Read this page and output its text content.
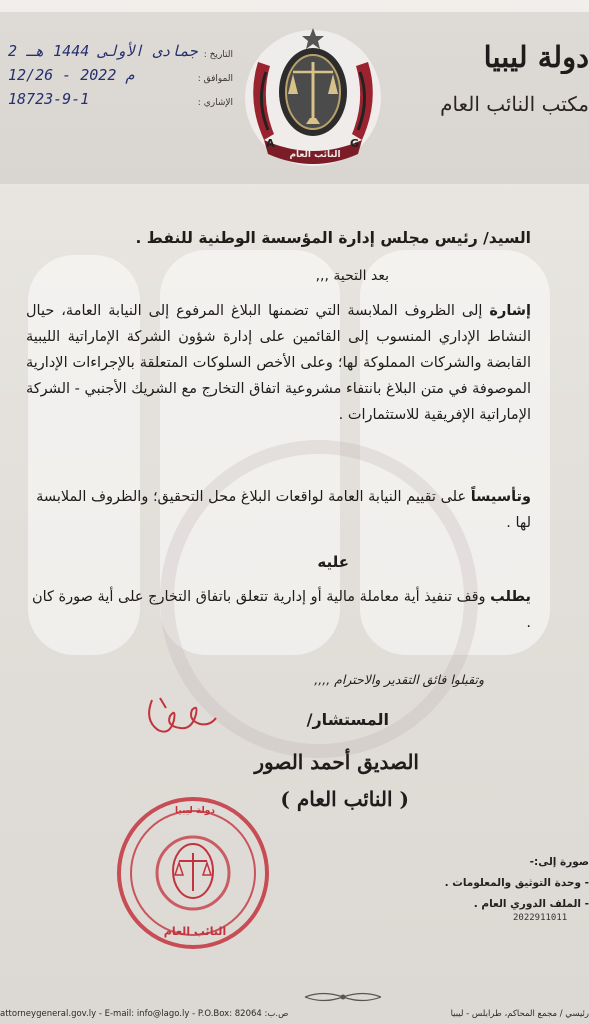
A	G
النائب العام
دولة ليبيا
مكتب النائب العام
التاريخ :
2 جمادى الأولى 1444 هـ
الموافق :
12/26 - 2022 م
الإشاري :
18723-9-1
السيد/ رئيس مجلس إدارة المؤسسة الوطنية للنفط .
بعد التحية ,,,
إشارة إلى الظروف الملابسة التي تضمنها البلاغ المرفوع إلى النيابة العامة، حيال النشاط الإداري المنسوب إلى القائمين على إدارة شؤون الشركة الإماراتية الليبية القابضة والشركات المملوكة لها؛ وعلى الأخص السلوكات المتعلقة بالإجراءات الإدارية الموصوفة في متن البلاغ بانتفاء مشروعية اتفاق التخارج مع الشريك الأجنبي - الشركة الإماراتية الإفريقية للاستثمارات .
وتأسيساً على تقييم النيابة العامة لواقعات البلاغ محل التحقيق؛ والظروف الملابسة لها .
عليه
يطلب وقف تنفيذ أية معاملة مالية أو إدارية تتعلق باتفاق التخارج على أية صورة كان .
وتقبلوا فائق التقدير والاحترام ,,,,
المستشار/
الصديق أحمد الصور
( النائب العام )
دولة ليبيا
النائب العام
صورة إلى:-
- وحدة التوثيق والمعلومات .
- الملف الدوري العام .
2022911011
attorneygeneral.gov.ly - E-mail: info@lago.ly - P.O.Box: 82064 :ص.ب	رئيسي / مجمع المحاكم، طرابلس - ليبيا
